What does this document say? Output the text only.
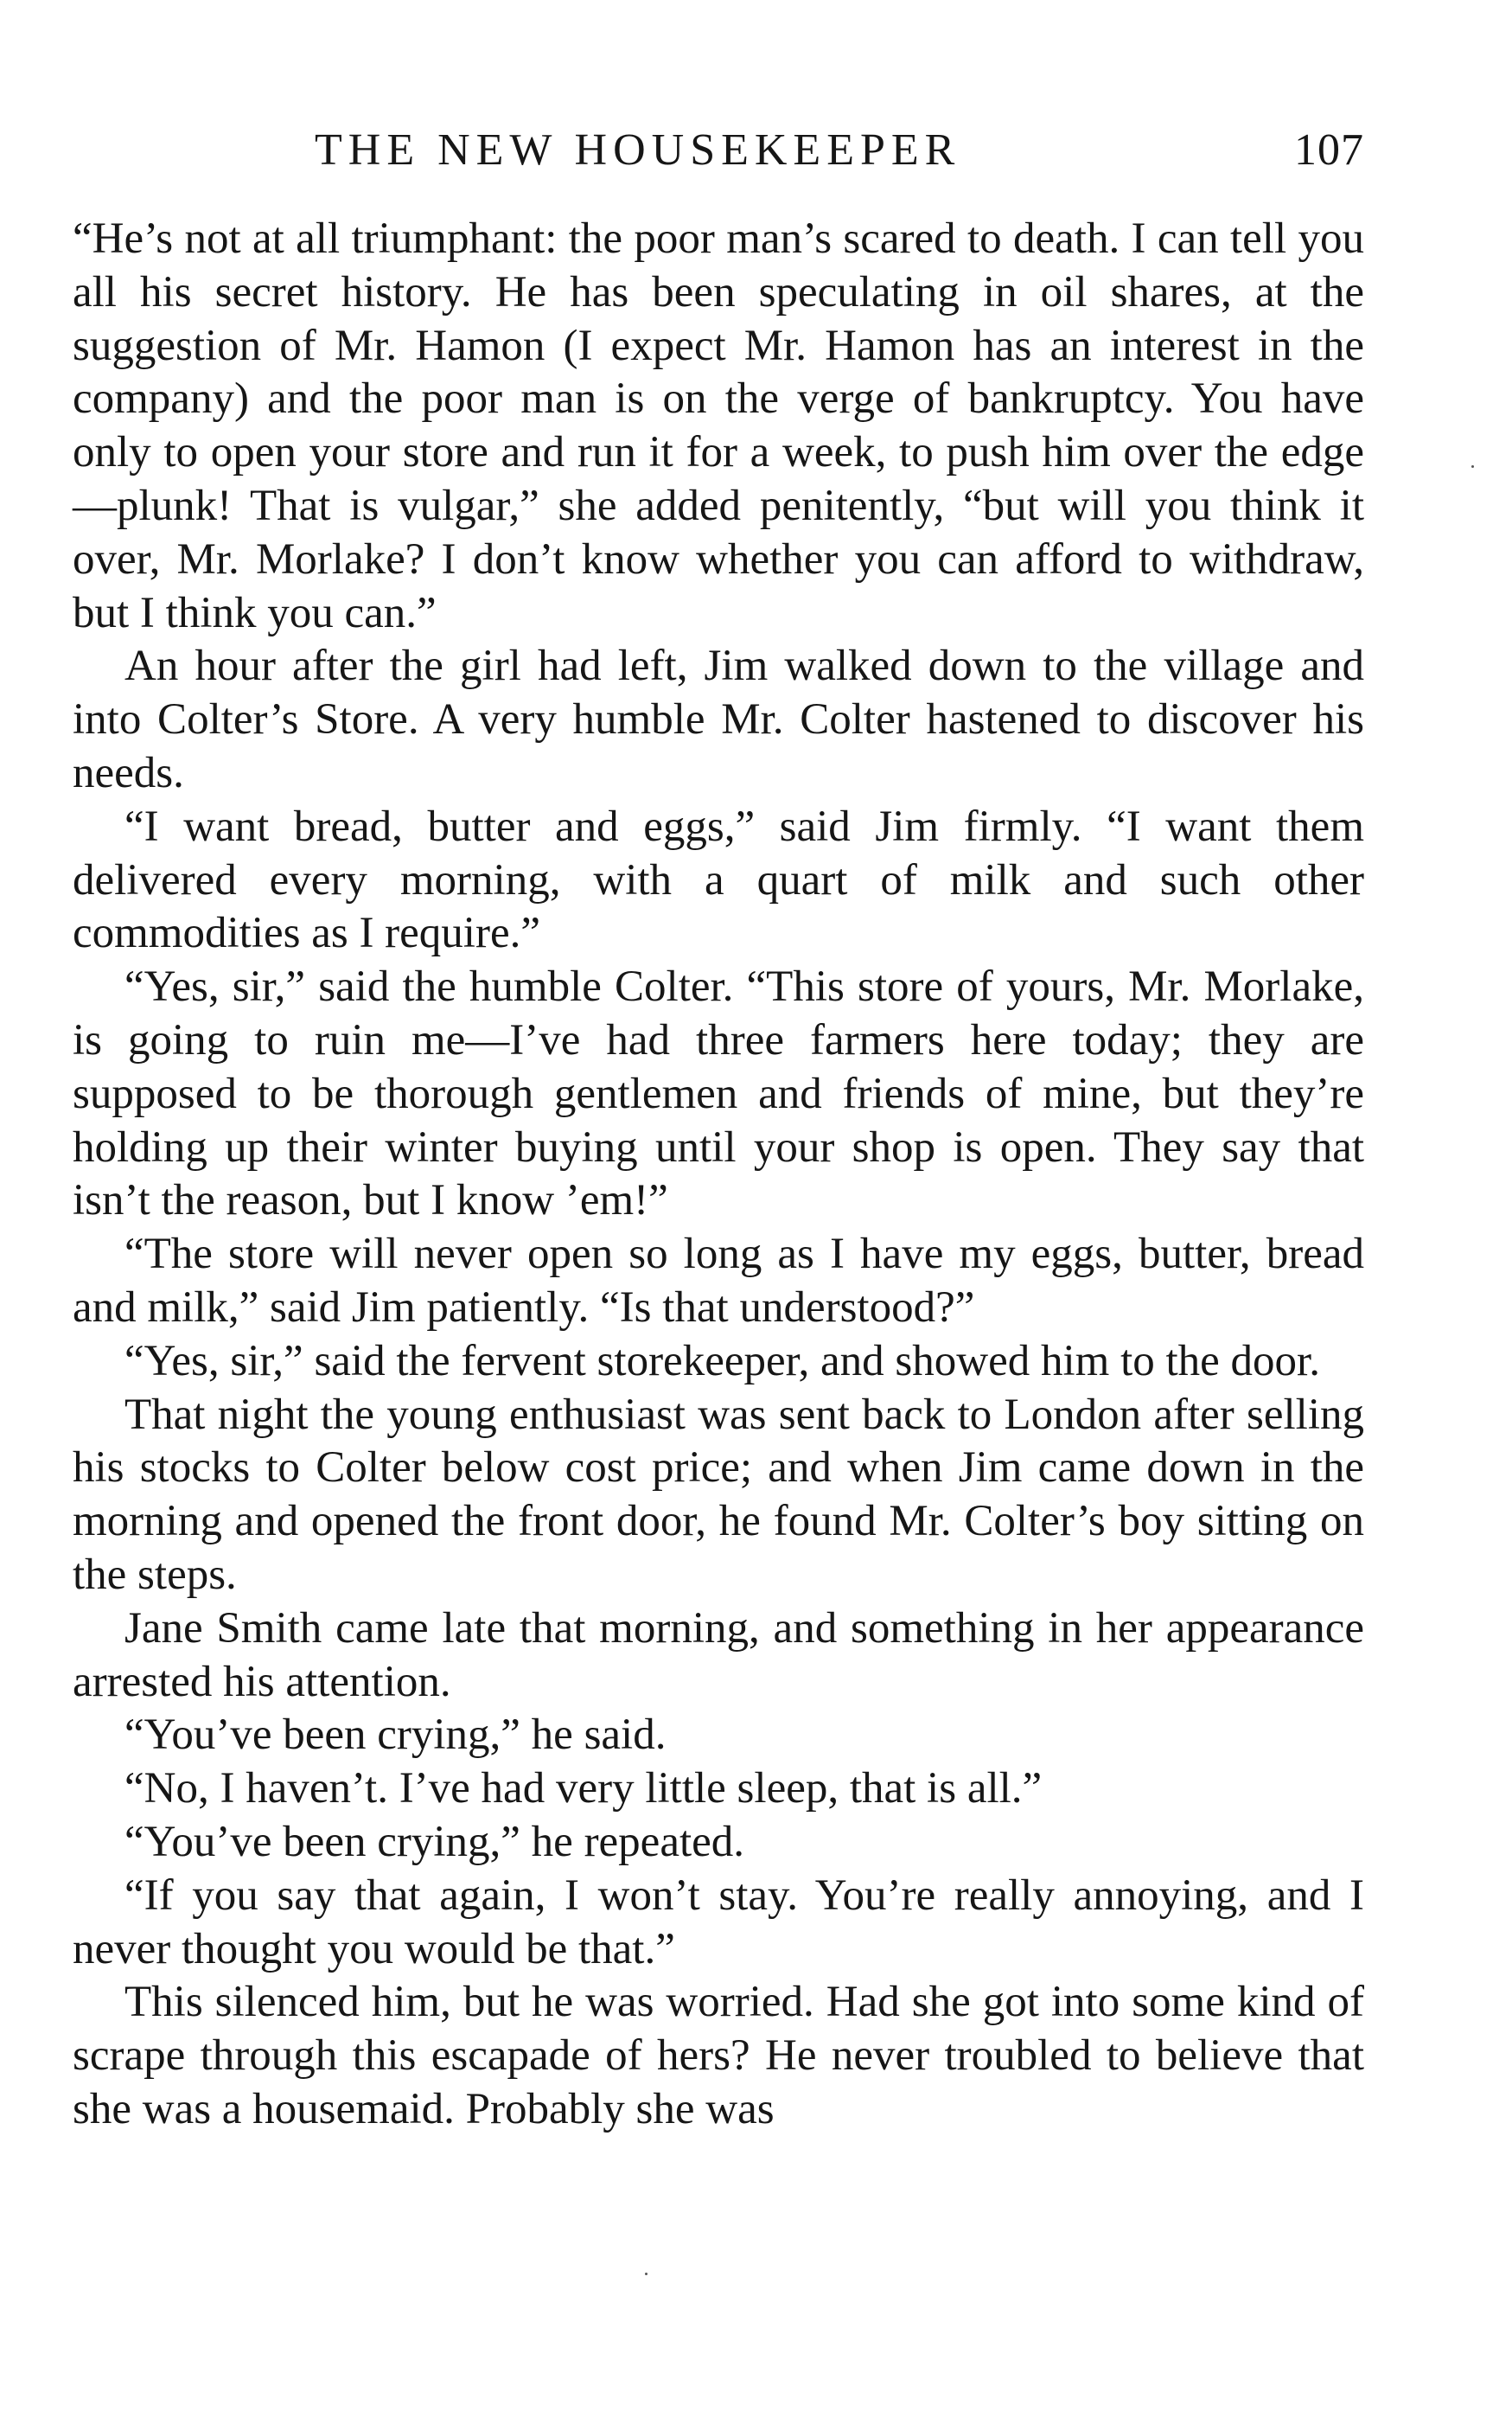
THE NEW HOUSEKEEPER	107

“He’s not at all triumphant: the poor man’s scared to death. I can tell you all his secret history. He has been speculating in oil shares, at the suggestion of Mr. Hamon (I expect Mr. Hamon has an interest in the company) and the poor man is on the verge of bankruptcy. You have only to open your store and run it for a week, to push him over the edge—plunk! That is vulgar,” she added penitently, “but will you think it over, Mr. Morlake? I don’t know whether you can afford to withdraw, but I think you can.”

An hour after the girl had left, Jim walked down to the village and into Colter’s Store. A very humble Mr. Colter hastened to discover his needs.

“I want bread, butter and eggs,” said Jim firmly. “I want them delivered every morning, with a quart of milk and such other commodities as I require.”

“Yes, sir,” said the humble Colter. “This store of yours, Mr. Morlake, is going to ruin me—I’ve had three farmers here today; they are supposed to be thorough gentlemen and friends of mine, but they’re holding up their winter buying until your shop is open. They say that isn’t the reason, but I know ’em!”

“The store will never open so long as I have my eggs, butter, bread and milk,” said Jim patiently. “Is that understood?”

“Yes, sir,” said the fervent storekeeper, and showed him to the door.

That night the young enthusiast was sent back to London after selling his stocks to Colter below cost price; and when Jim came down in the morning and opened the front door, he found Mr. Colter’s boy sitting on the steps.

Jane Smith came late that morning, and something in her appearance arrested his attention.

“You’ve been crying,” he said.

“No, I haven’t. I’ve had very little sleep, that is all.”

“You’ve been crying,” he repeated.

“If you say that again, I won’t stay. You’re really annoying, and I never thought you would be that.”

This silenced him, but he was worried. Had she got into some kind of scrape through this escapade of hers? He never troubled to believe that she was a housemaid. Probably she was
